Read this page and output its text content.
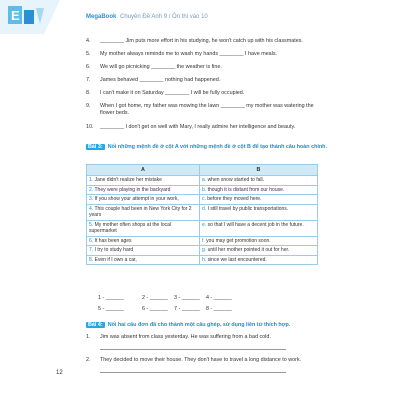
E	MegaBook Chuyên Đề Anh 9 / Ôn thi vào 10
4. ________ Jim puts more effort in his studying, he won't catch up with his classmates.
5. My mother always reminds me to wash my hands ________ I have meals.
6. We will go picnicking ________ the weather is fine.
7. James behaved ________ nothing had happened.
8. I can't make it on Saturday ________ I will be fully occupied.
9. When I got home, my father was mowing the lawn ________ my mother was watering the
flower beds.
10. ________ I don't get on well with Mary, I really admire her intelligence and beauty.
Bài 3: Nối những mệnh đề ở cột A với những mệnh đề ở cột B để tạo thành câu hoàn chỉnh.
A	B
1. Jane didn't realize her mistake	a. when snow started to fall.
2. They were playing in the backyard	b. though it is distant from our house.
3. If you show your attempt in your work,	c. before they moved here.
4. This couple had been in New York City for 2 years	d. I still travel by public transportations.
5. My mother often shops at the local supermarket	e. so that I will have a decent job in the future.
6. It has been ages	f. you may get promotion soon.
7. I try to study hard	g. until her mother pointed it out for her.
8. Even if I own a car,	h. since we last encountered.
1 - ______	2 - ______ 3 - ______ 4 - ______
5 - ______	6 - ______ 7 - ______ 8 - ______
Bài 4: Nối hai câu đơn đã cho thành một câu ghép, sử dụng liên từ thích hợp.
1. Jim was absent from class yesterday. He was suffering from a bad cold.
2. They decided to move their house. They don't have to travel a long distance to work.
12
